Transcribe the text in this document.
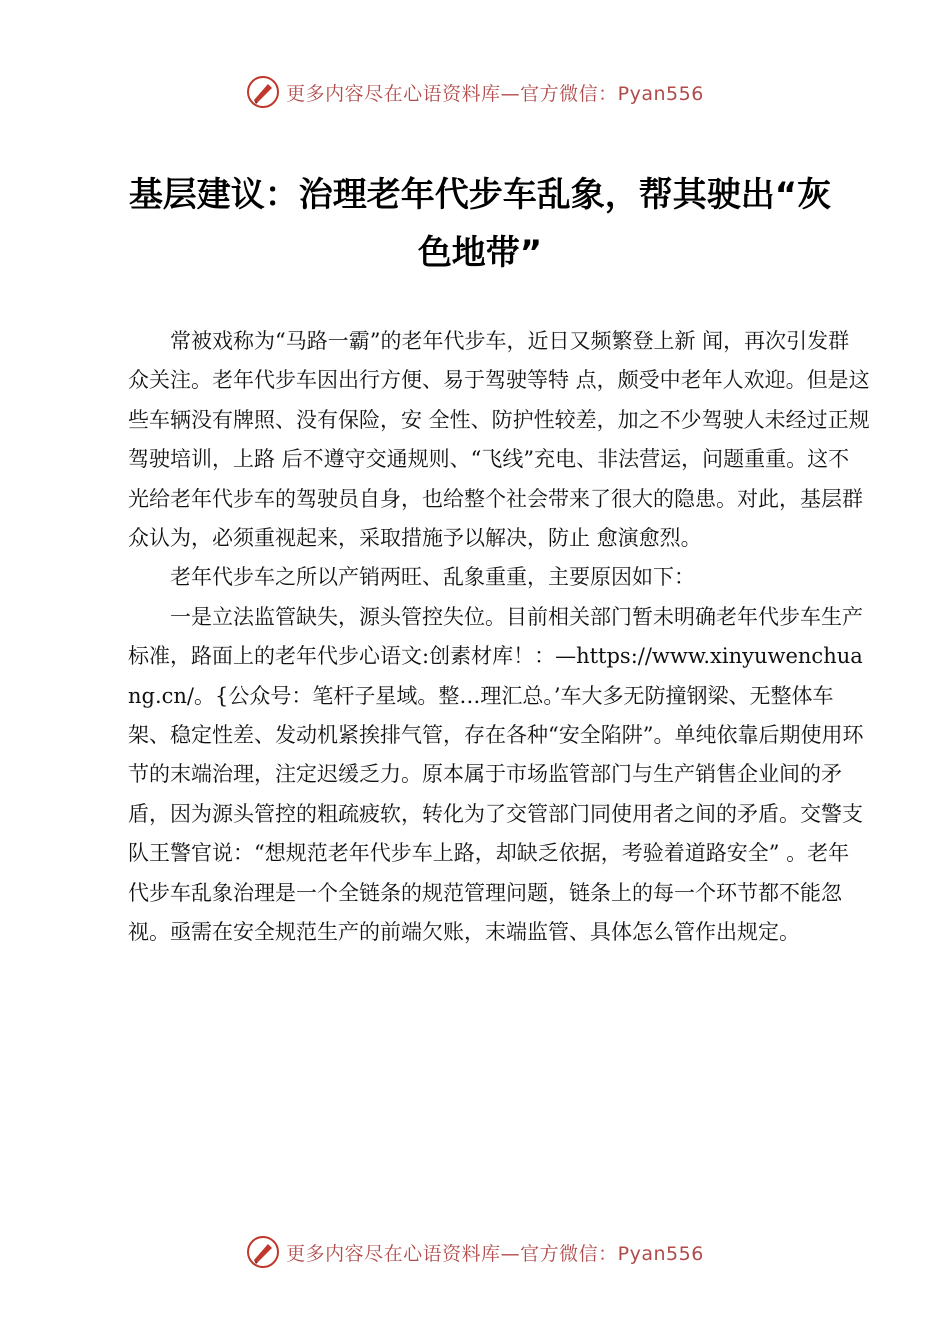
更多内容尽在心语资料库—官方微信：Pyan556
基层建议：治理老年代步车乱象，帮其驶出“灰色地带”

常被戏称为“马路一霸”的老年代步车，近日又频繁登上新 闻，再次引发群众关注。老年代步车因出行方便、易于驾驶等特 点，颇受中老年人欢迎。但是这些车辆没有牌照、没有保险，安 全性、防护性较差，加之不少驾驶人未经过正规驾驶培训，上路 后不遵守交通规则、“飞线”充电、非法营运，问题重重。这不 光给老年代步车的驾驶员自身，也给整个社会带来了很大的隐患。对此，基层群众认为，必须重视起来，采取措施予以解决，防止 愈演愈烈。

老年代步车之所以产销两旺、乱象重重，主要原因如下：

一是立法监管缺失，源头管控失位。目前相关部门暂未明确老年代步车生产标准，路面上的老年代步心语文:创素材库！：—https://www.xinyuwenchuang.cn/。{公众号：笔杆子星域。整…理汇总。’车大多无防撞钢梁、无整体车架、稳定性差、发动机紧挨排气管，存在各种“安全陷阱”。单纯依靠后期使用环节的末端治理，注定迟缓乏力。原本属于市场监管部门与生产销售企业间的矛盾，因为源头管控的粗疏疲软，转化为了交管部门同使用者之间的矛盾。交警支队王警官说：“想规范老年代步车上路，却缺乏依据，考验着道路安全” 。老年代步车乱象治理是一个全链条的规范管理问题，链条上的每一个环节都不能忽视。亟需在安全规范生产的前端欠账，末端监管、具体怎么管作出规定。

更多内容尽在心语资料库—官方微信：Pyan556
